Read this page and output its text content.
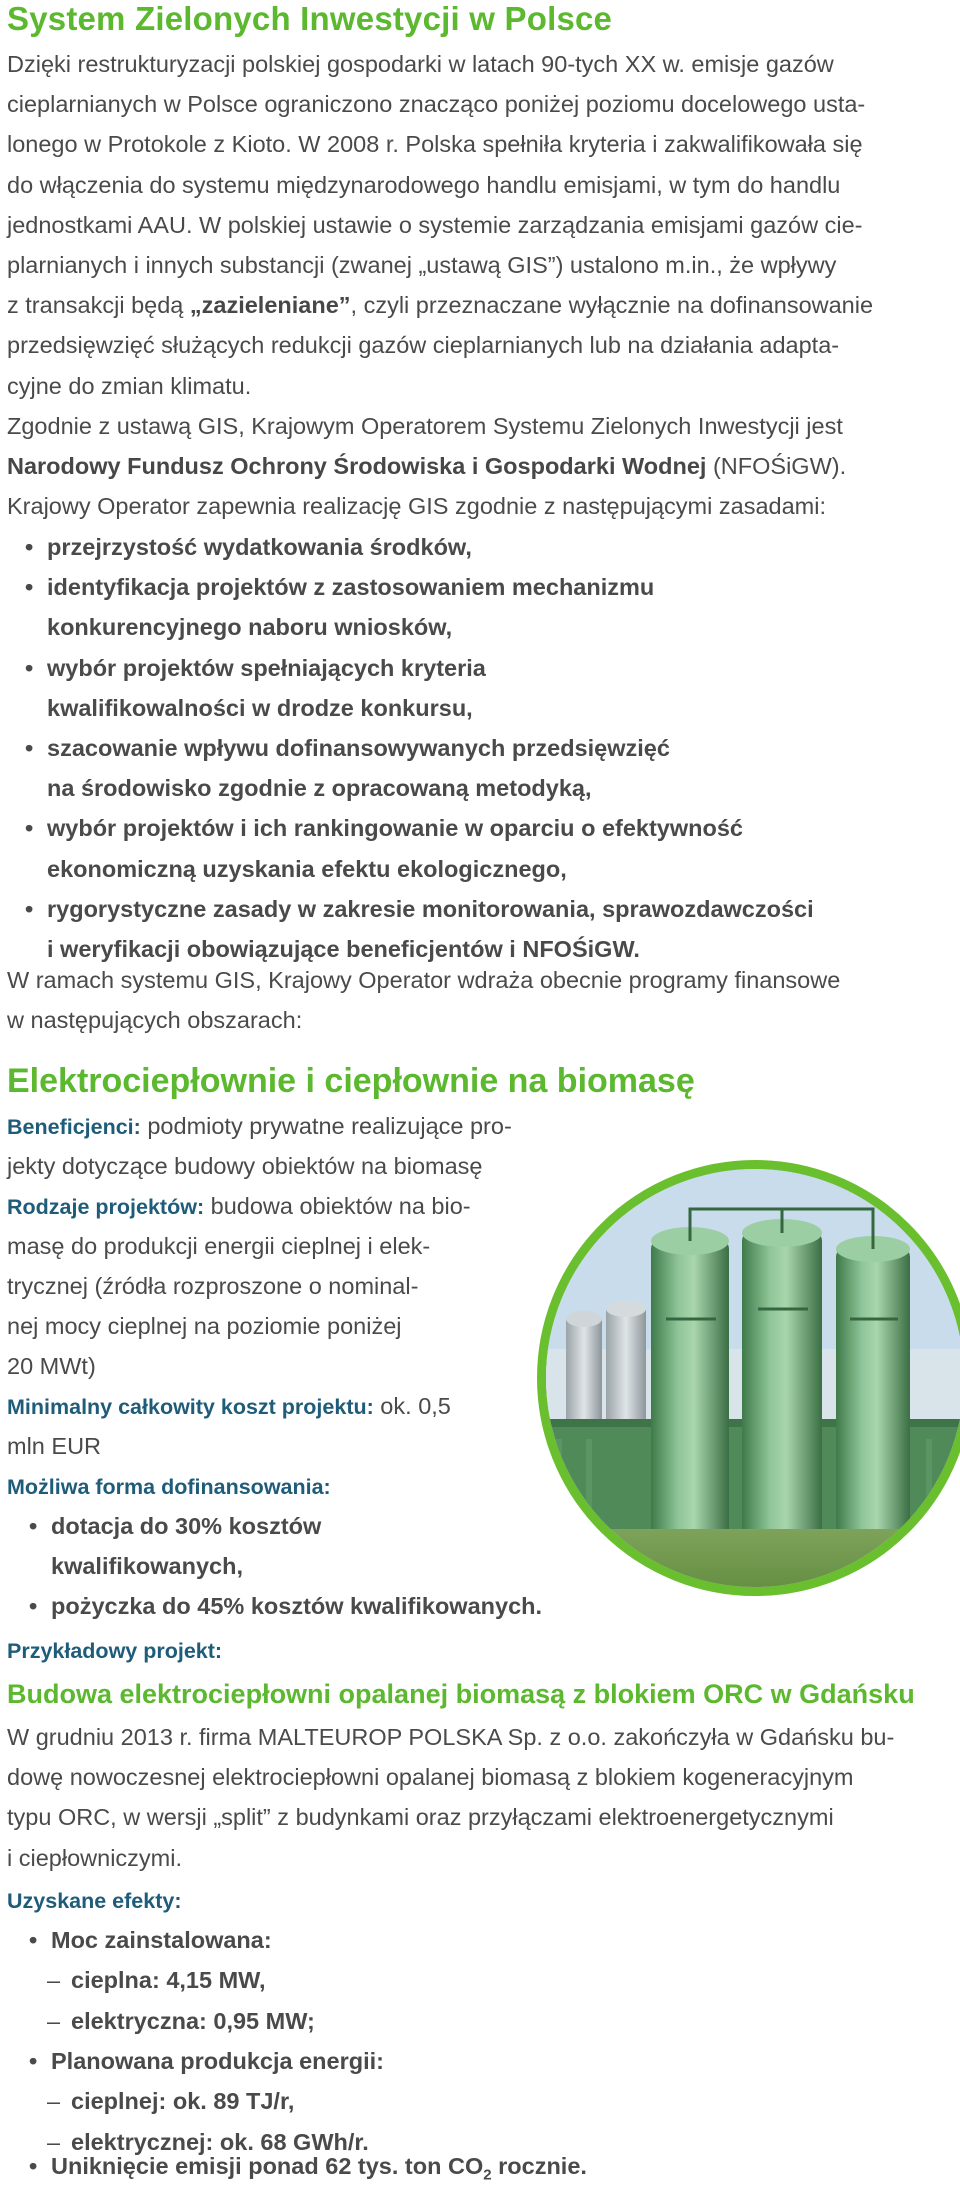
System Zielonych Inwestycji w Polsce
Dzięki restrukturyzacji polskiej gospodarki w latach 90-tych XX w. emisje gazów
cieplarnianych w Polsce ograniczono znacząco poniżej poziomu docelowego usta-
lonego w Protokole z Kioto. W 2008 r. Polska spełniła kryteria i zakwalifikowała się
do włączenia do systemu międzynarodowego handlu emisjami, w tym do handlu
jednostkami AAU. W polskiej ustawie o systemie zarządzania emisjami gazów cie-
plarnianych i innych substancji (zwanej „ustawą GIS”) ustalono m.in., że wpływy
z transakcji będą „zazieleniane”, czyli przeznaczane wyłącznie na dofinansowanie
przedsięwzięć służących redukcji gazów cieplarnianych lub na działania adapta-
cyjne do zmian klimatu.
Zgodnie z ustawą GIS, Krajowym Operatorem Systemu Zielonych Inwestycji jest
Narodowy Fundusz Ochrony Środowiska i Gospodarki Wodnej (NFOŚiGW).
Krajowy Operator zapewnia realizację GIS zgodnie z następującymi zasadami:
• przejrzystość wydatkowania środków,
• identyfikacja projektów z zastosowaniem mechanizmu
konkurencyjnego naboru wniosków,
• wybór projektów spełniających kryteria
kwalifikowalności w drodze konkursu,
• szacowanie wpływu dofinansowywanych przedsięwzięć
na środowisko zgodnie z opracowaną metodyką,
• wybór projektów i ich rankingowanie w oparciu o efektywność
ekonomiczną uzyskania efektu ekologicznego,
• rygorystyczne zasady w zakresie monitorowania, sprawozdawczości
i weryfikacji obowiązujące beneficjentów i NFOŚiGW.
W ramach systemu GIS, Krajowy Operator wdraża obecnie programy finansowe
w następujących obszarach:
Elektrociepłownie i ciepłownie na biomasę
Beneficjenci: podmioty prywatne realizujące pro-
jekty dotyczące budowy obiektów na biomasę
Rodzaje projektów: budowa obiektów na bio-
masę do produkcji energii cieplnej i elek-
trycznej (źródła rozproszone o nominal-
nej mocy cieplnej na poziomie poniżej
20 MWt)
Minimalny całkowity koszt projektu: ok. 0,5
mln EUR
Możliwa forma dofinansowania:
• dotacja do 30% kosztów
kwalifikowanych,
• pożyczka do 45% kosztów kwalifikowanych.
Przykładowy projekt:
Budowa elektrociepłowni opalanej biomasą z blokiem ORC w Gdańsku
W grudniu 2013 r. firma MALTEUROP POLSKA Sp. z o.o. zakończyła w Gdańsku bu-
dowę nowoczesnej elektrociepłowni opalanej biomasą z blokiem kogeneracyjnym
typu ORC, w wersji „split” z budynkami oraz przyłączami elektroenergetycznymi
i ciepłowniczymi.
Uzyskane efekty:
• Moc zainstalowana:
– cieplna: 4,15 MW,
– elektryczna: 0,95 MW;
• Planowana produkcja energii:
– cieplnej: ok. 89 TJ/r,
– elektrycznej: ok. 68 GWh/r.
• Uniknięcie emisji ponad 62 tys. ton $CO_2$ rocznie.
